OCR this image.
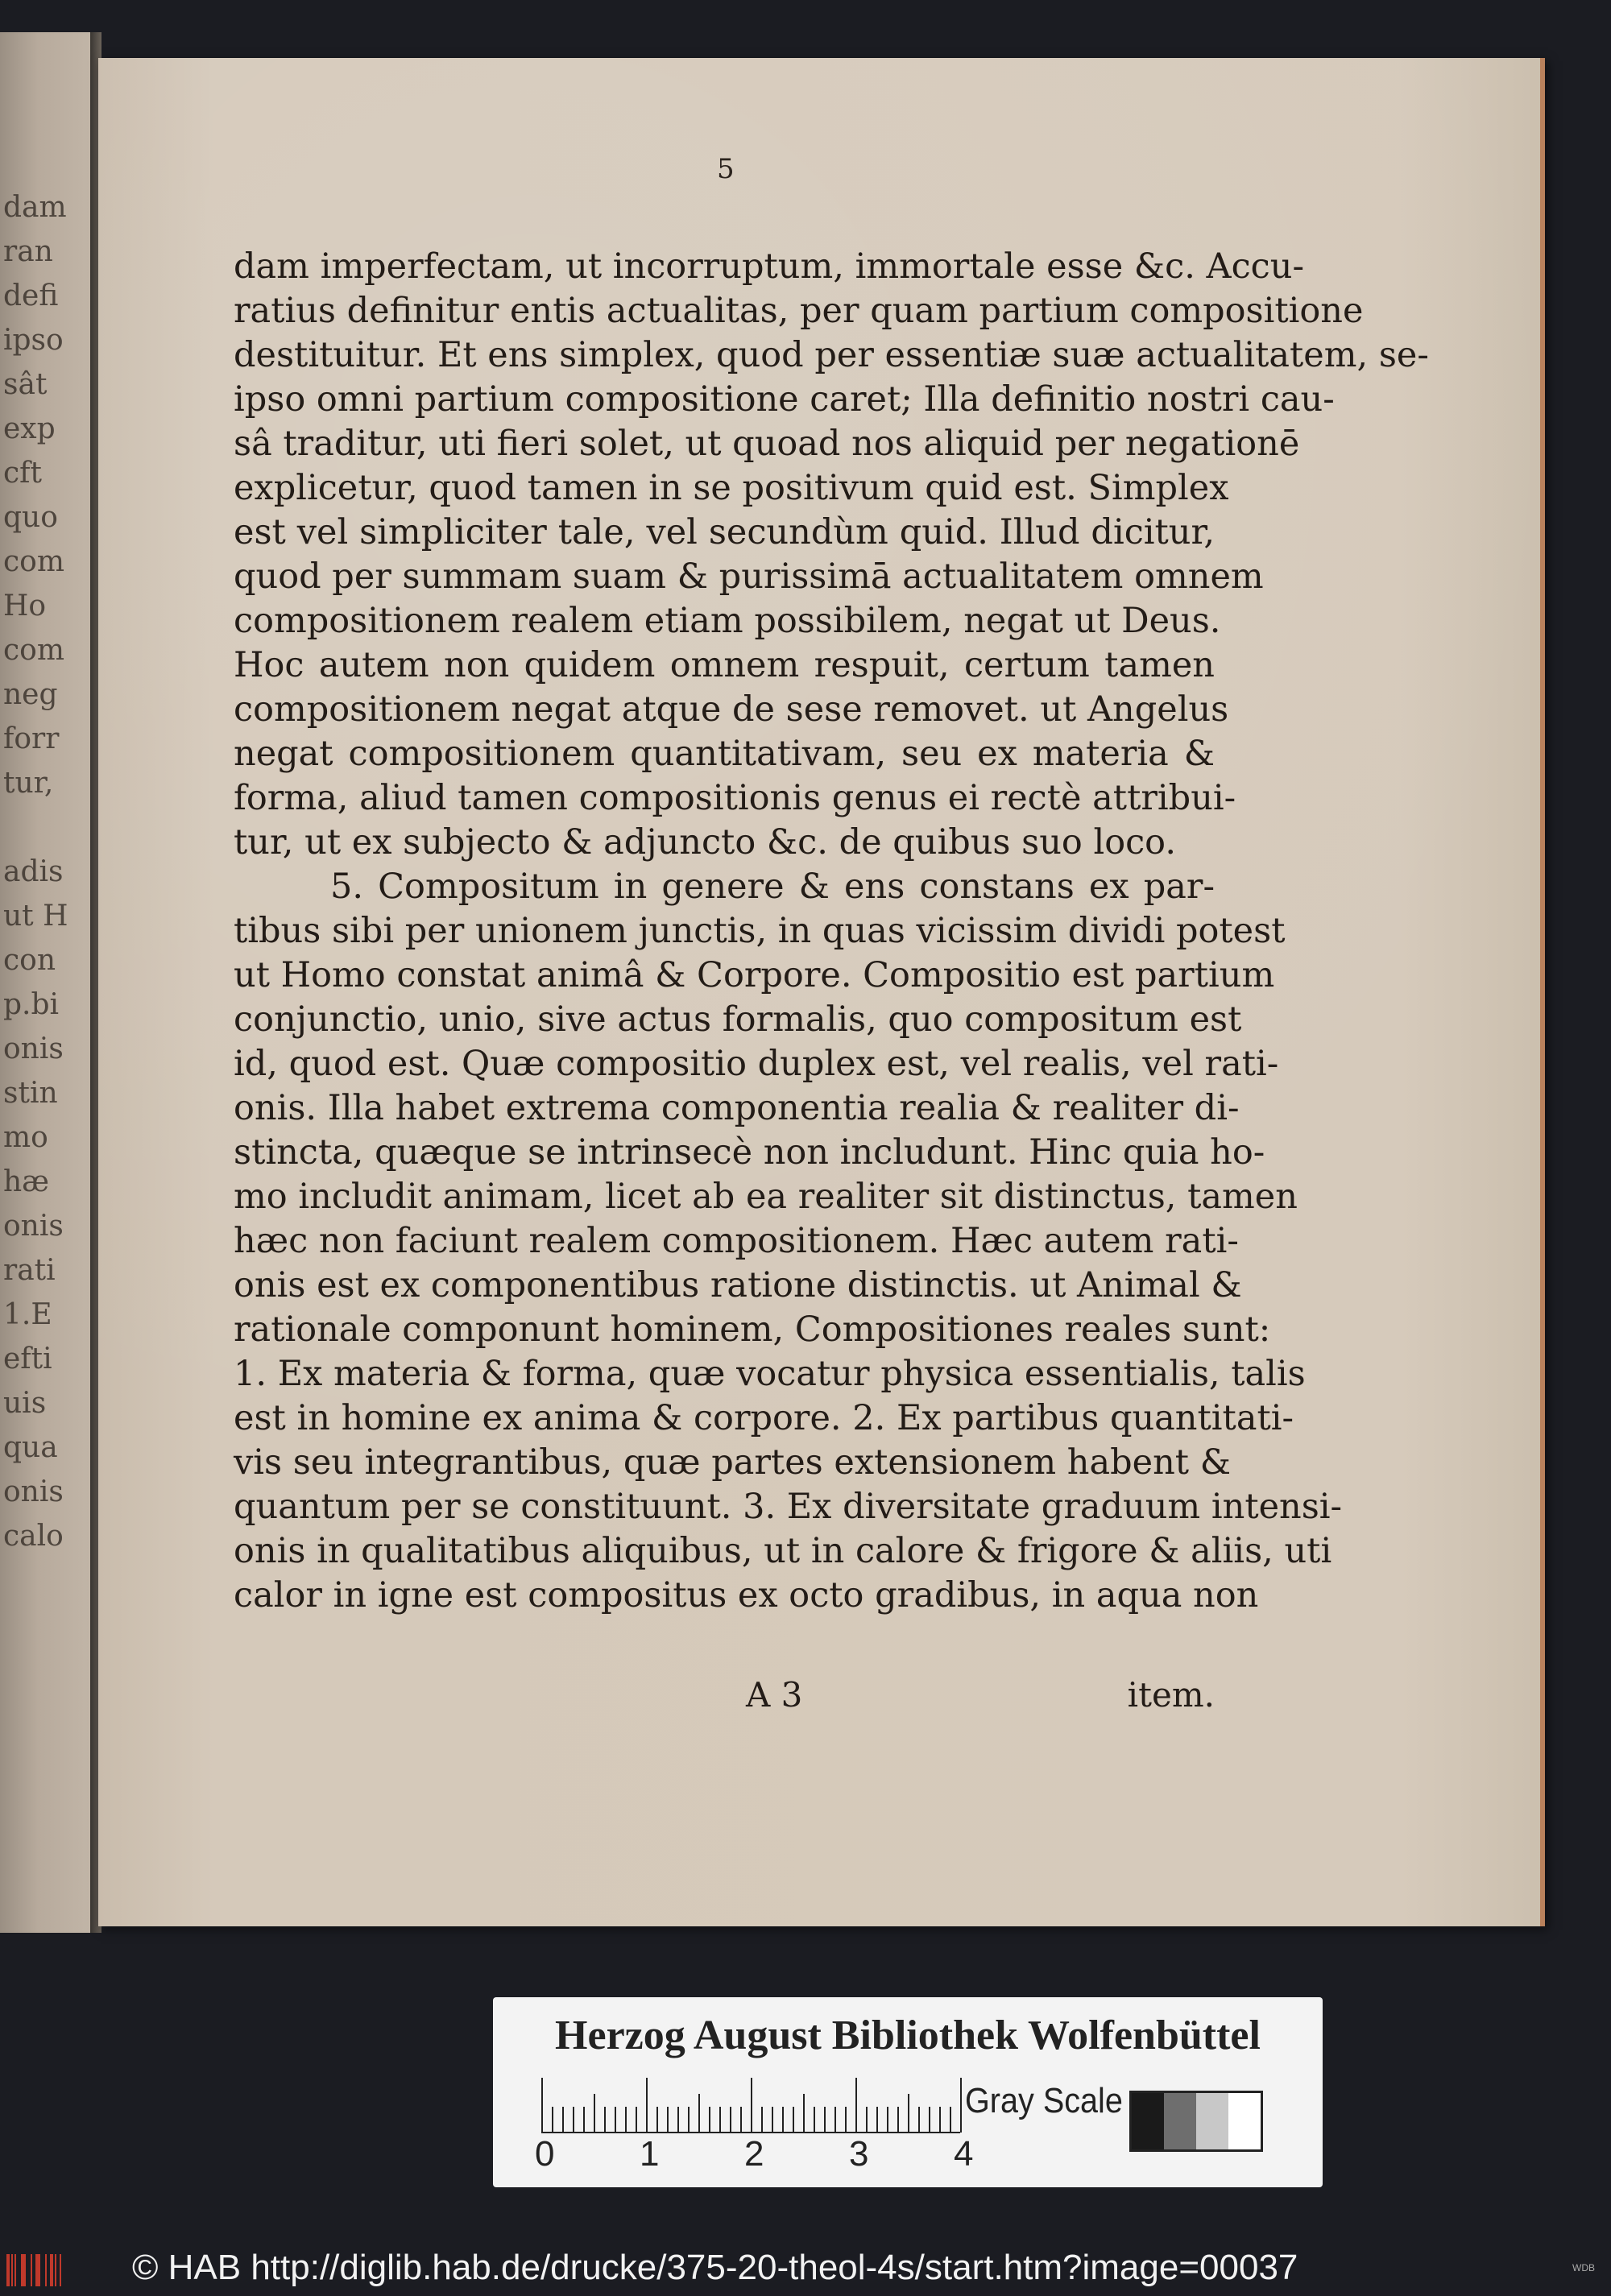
dam
ran
defi
ipso
sât
exp
cft
quo
com
Ho
com
neg
forr
tur,
adis
ut H
con
p.bi
onis
stin
mo
hæ
onis
rati
1.E
efti
uis
qua
onis
calo
5
dam imperfectam, ut incorruptum, immortale esse &c. Accu-
ratius definitur entis actualitas, per quam partium compositione
destituitur. Et ens simplex, quod per essentiæ suæ actualitatem, se-
ipso omni partium compositione caret; Illa definitio nostri cau-
sâ traditur, uti fieri solet, ut quoad nos aliquid per negationē
explicetur, quod tamen in se positivum quid est. Simplex
est vel simpliciter tale, vel secundùm quid. Illud dicitur,
quod per summam suam & purissimā actualitatem omnem
compositionem realem etiam possibilem, negat ut Deus.
Hoc autem non quidem omnem respuit, certum tamen
compositionem negat atque de sese removet. ut Angelus
negat compositionem quantitativam, seu ex materia &
forma, aliud tamen compositionis genus ei rectè attribui-
tur, ut ex subjecto & adjuncto &c. de quibus suo loco.
5. Compositum in genere & ens constans ex par-
tibus sibi per unionem junctis, in quas vicissim dividi potest
ut Homo constat animâ & Corpore. Compositio est partium
conjunctio, unio, sive actus formalis, quo compositum est
id, quod est. Quæ compositio duplex est, vel realis, vel rati-
onis. Illa habet extrema componentia realia & realiter di-
stincta, quæque se intrinsecè non includunt. Hinc quia ho-
mo includit animam, licet ab ea realiter sit distinctus, tamen
hæc non faciunt realem compositionem. Hæc autem rati-
onis est ex componentibus ratione distinctis. ut Animal &
rationale componunt hominem, Compositiones reales sunt:
1. Ex materia & forma, quæ vocatur physica essentialis, talis
est in homine ex anima & corpore. 2. Ex partibus quantitati-
vis seu integrantibus, quæ partes extensionem habent &
quantum per se constituunt. 3. Ex diversitate graduum intensi-
onis in qualitatibus aliquibus, ut in calore & frigore & aliis, uti
calor in igne est compositus ex octo gradibus, in aqua non
A 3	item.
Herzog August Bibliothek Wolfenbüttel
0 1 2 3 4
Gray Scale
© HAB http://diglib.hab.de/drucke/375-20-theol-4s/start.htm?image=00037	WDB
